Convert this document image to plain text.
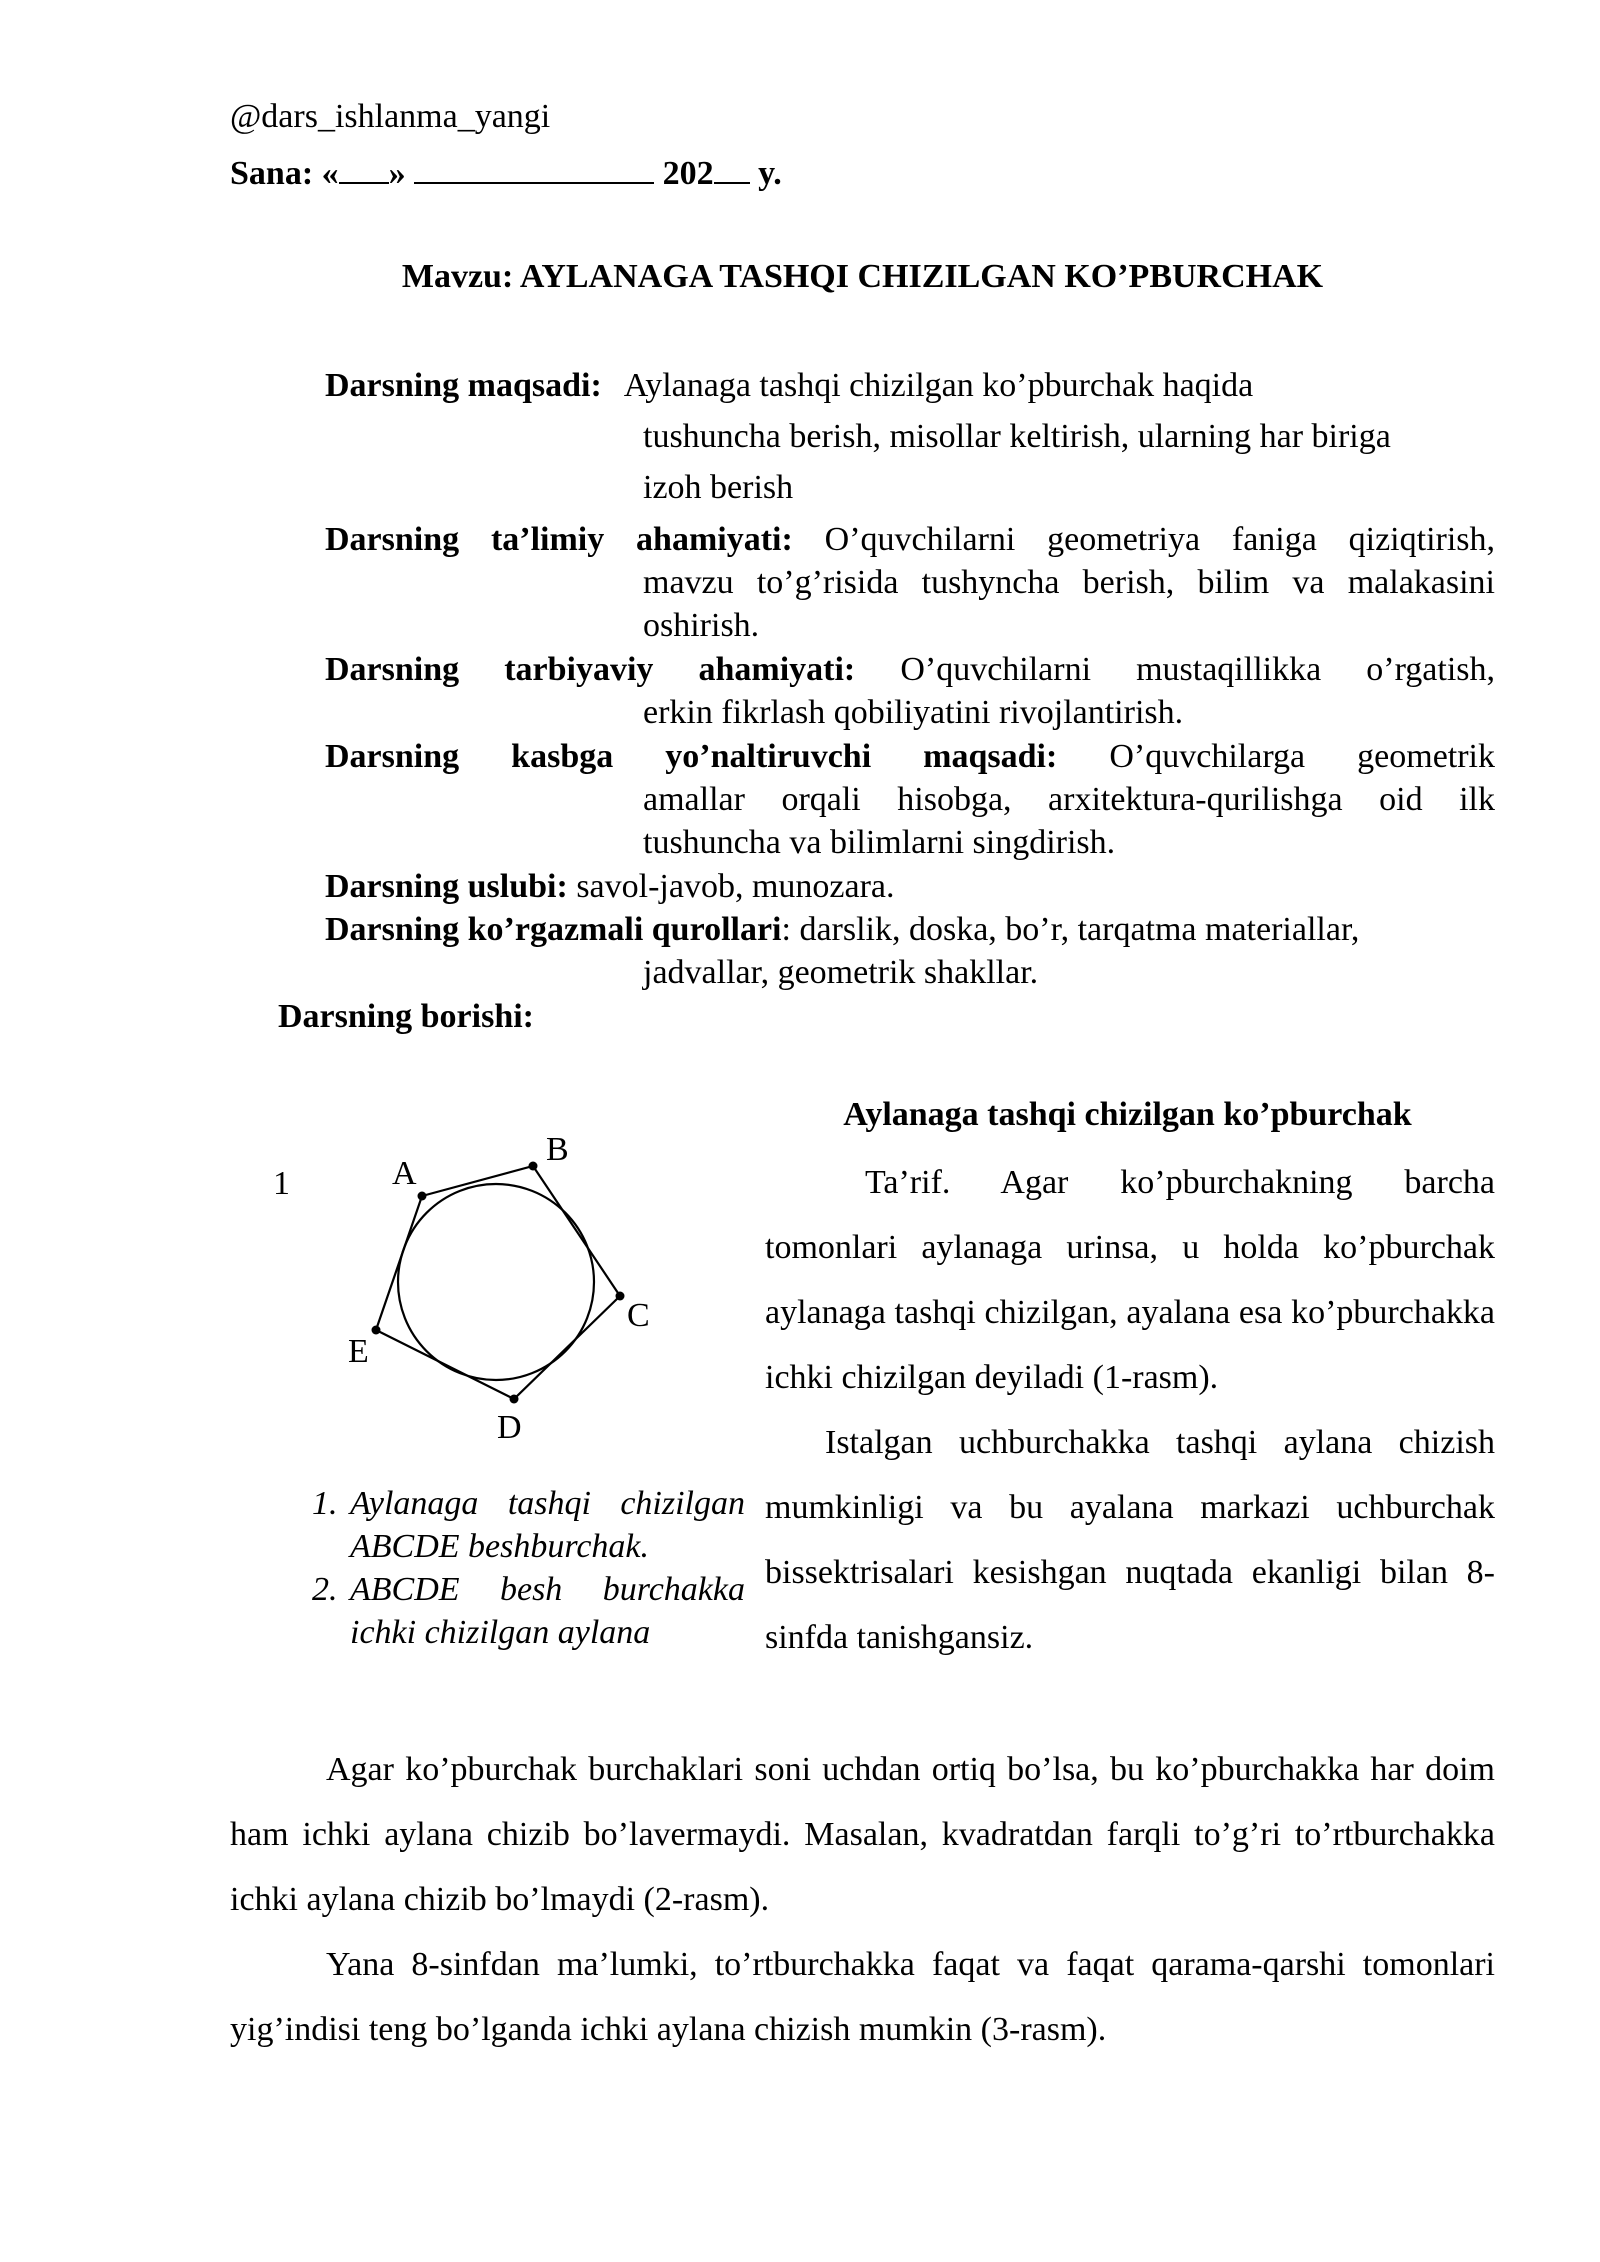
@dars_ishlanma_yangi
Sana: « »	202 y.
Mavzu: AYLANAGA TASHQI CHIZILGAN KO’PBURCHAK
Darsning maqsadi: Aylanaga tashqi chizilgan ko’pburchak haqida
tushuncha berish, misollar keltirish, ularning har biriga
izoh berish
Darsning ta’limiy ahamiyati: O’quvchilarni geometriya faniga qiziqtirish,
mavzu to’g’risida tushyncha berish, bilim va malakasini
oshirish.
Darsning tarbiyaviy ahamiyati: O’quvchilarni mustaqillikka o’rgatish,
erkin fikrlash qobiliyatini rivojlantirish.
Darsning kasbga yo’naltiruvchi maqsadi: O’quvchilarga geometrik
amallar orqali hisobga, arxitektura-qurilishga oid ilk
tushuncha va bilimlarni singdirish.
Darsning uslubi: savol-javob, munozara.
Darsning ko’rgazmali qurollari: darslik, doska, bo’r, tarqatma materiallar,
jadvallar, geometrik shakllar.
Darsning borishi:
Aylanaga tashqi chizilgan ko’pburchak
1	A
B
C
D
E
1. Aylanaga tashqi chizilgan ABCDE beshburchak.
2. ABCDE besh burchakka ichki chizilgan aylana

Ta’rif. Agar ko’pburchakning barcha tomonlari aylanaga urinsa, u holda ko’pburchak aylanaga tashqi chizilgan, ayalana esa ko’pburchakka ichki chizilgan deyiladi (1-rasm).

Istalgan uchburchakka tashqi aylana chizish mumkinligi va bu ayalana markazi uchburchak bissektrisalari kesishgan nuqtada ekanligi bilan 8-sinfda tanishgansiz.

Agar ko’pburchak burchaklari soni uchdan ortiq bo’lsa, bu ko’pburchakka har doim ham ichki aylana chizib bo’lavermaydi. Masalan, kvadratdan farqli to’g’ri to’rtburchakka ichki aylana chizib bo’lmaydi (2-rasm).

Yana 8-sinfdan ma’lumki, to’rtburchakka faqat va faqat qarama-qarshi tomonlari yig’indisi teng bo’lganda ichki aylana chizish mumkin (3-rasm).
